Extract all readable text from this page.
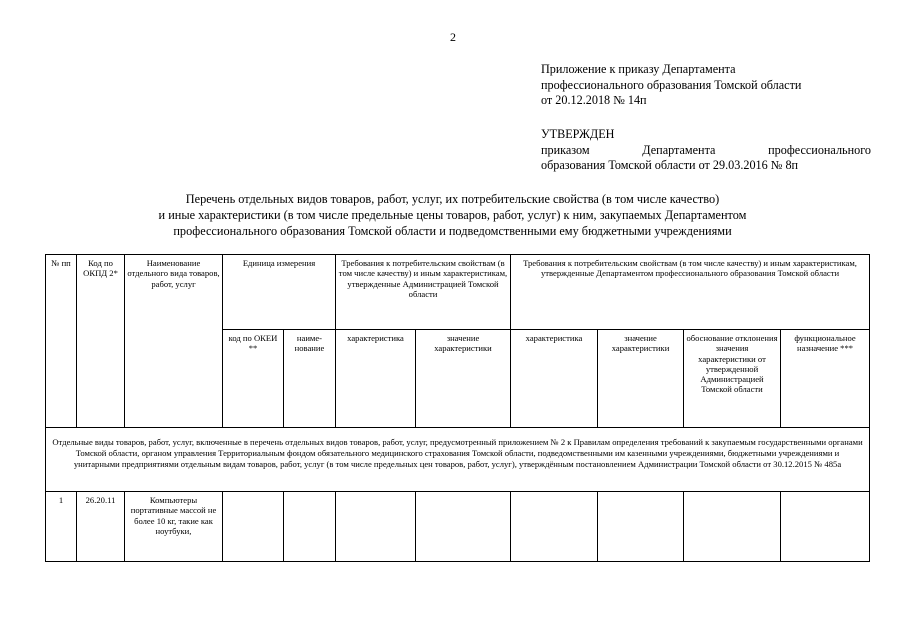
2
Приложение к приказу Департамента
профессионального образования Томской области
от 20.12.2018 № 14п
УТВЕРЖДЕН
приказом Департамента профессионального
образования Томской области от 29.03.2016 № 8п
Перечень отдельных видов товаров, работ, услуг, их потребительские свойства (в том числе качество)
и иные характеристики (в том числе предельные цены товаров, работ, услуг) к ним, закупаемых Департаментом
профессионального образования Томской области и подведомственными ему бюджетными учреждениями
№ пп	Код по ОКПД 2*	Наименование отдельного вида товаров, работ, услуг	Единица измерения		Требования к потребительским свойствам (в том числе качеству) и иным характеристикам, утвержденные Администрацией Томской области		Требования к потребительским свойствам (в том числе качеству) и иным характеристикам, утвержденные Департаментом профессионального образования Томской области			
			код по ОКЕИ **	наиме-нование	характеристика	значение характеристики	характеристика	значение характеристики	обоснование отклонения значения характеристики от утвержденной Администрацией Томской области	функциональное назначение ***
Отдельные виды товаров, работ, услуг, включенные в перечень отдельных видов товаров, работ, услуг, предусмотренный приложением № 2 к Правилам определения требований к закупаемым государственными органами Томской области, органом управления Территориальным фондом обязательного медицинского страхования Томской области, подведомственными им казенными учреждениями, бюджетными учреждениями и унитарными предприятиями отдельным видам товаров, работ, услуг (в том числе предельных цен товаров, работ, услуг), утверждённым постановлением Администрации Томской области от 30.12.2015 № 485а										
1	26.20.11	Компьютеры портативные массой не более 10 кг, такие как ноутбуки,								
